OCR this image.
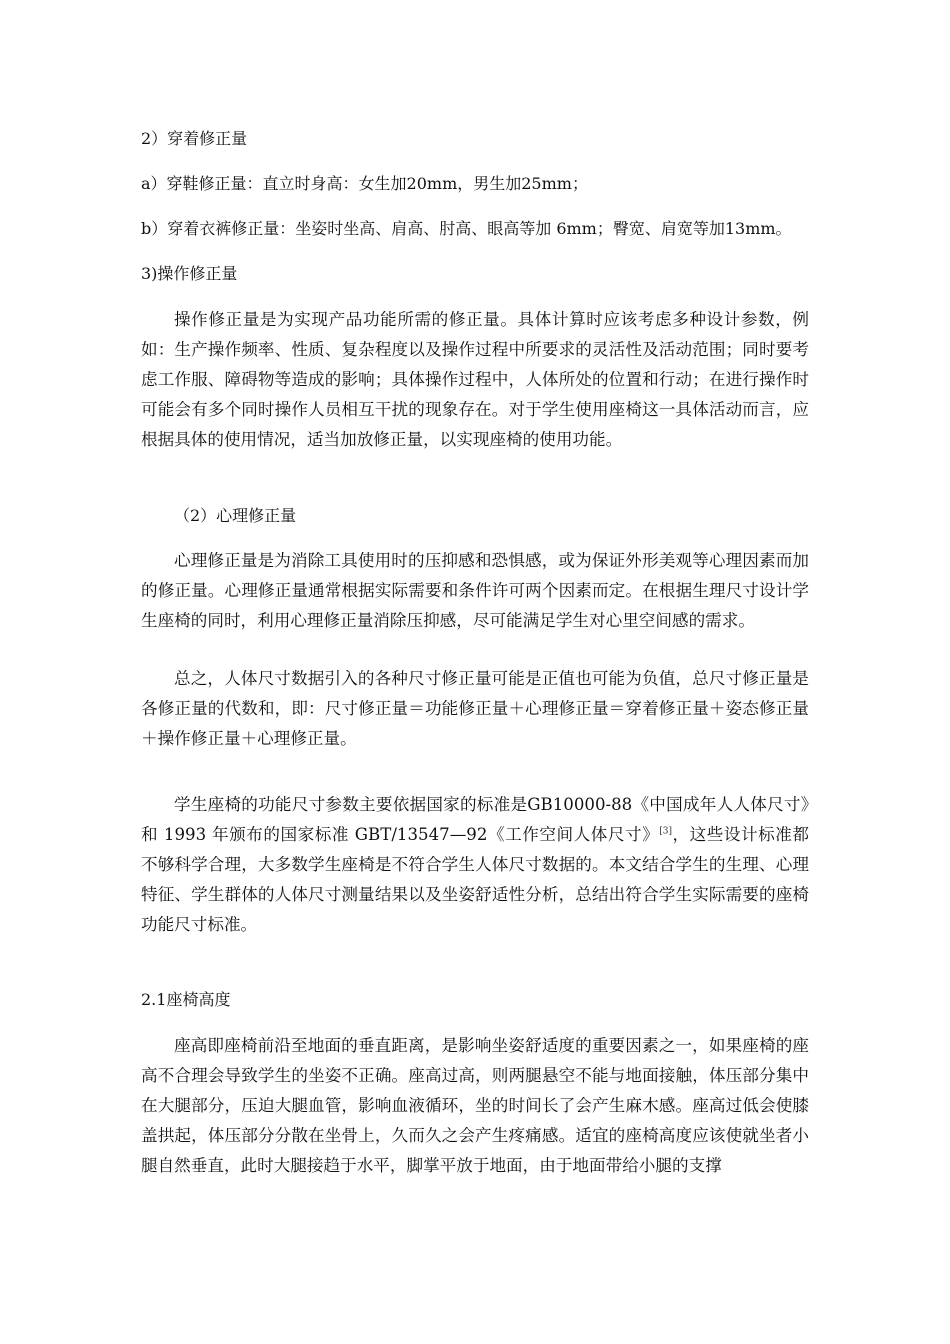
2）穿着修正量
a）穿鞋修正量：直立时身高：女生加20mm，男生加25mm；
b）穿着衣裤修正量：坐姿时坐高、肩高、肘高、眼高等加 6mm；臀宽、肩宽等加13mm。
3)操作修正量

操作修正量是为实现产品功能所需的修正量。具体计算时应该考虑多种设计参数，例如：生产操作频率、性质、复杂程度以及操作过程中所要求的灵活性及活动范围；同时要考虑工作服、障碍物等造成的影响；具体操作过程中，人体所处的位置和行动；在进行操作时可能会有多个同时操作人员相互干扰的现象存在。对于学生使用座椅这一具体活动而言，应根据具体的使用情况，适当加放修正量，以实现座椅的使用功能。

（2）心理修正量

心理修正量是为消除工具使用时的压抑感和恐惧感，或为保证外形美观等心理因素而加的修正量。心理修正量通常根据实际需要和条件许可两个因素而定。在根据生理尺寸设计学生座椅的同时，利用心理修正量消除压抑感，尽可能满足学生对心里空间感的需求。

总之，人体尺寸数据引入的各种尺寸修正量可能是正值也可能为负值，总尺寸修正量是各修正量的代数和，即：尺寸修正量＝功能修正量＋心理修正量＝穿着修正量＋姿态修正量＋操作修正量＋心理修正量。

学生座椅的功能尺寸参数主要依据国家的标准是GB10000-88《中国成年人人体尺寸》和 1993 年颁布的国家标准 GBT/13547—92《工作空间人体尺寸》[3]，这些设计标准都不够科学合理，大多数学生座椅是不符合学生人体尺寸数据的。本文结合学生的生理、心理特征、学生群体的人体尺寸测量结果以及坐姿舒适性分析，总结出符合学生实际需要的座椅功能尺寸标准。

2.1座椅高度

座高即座椅前沿至地面的垂直距离，是影响坐姿舒适度的重要因素之一，如果座椅的座高不合理会导致学生的坐姿不正确。座高过高，则两腿悬空不能与地面接触，体压部分集中在大腿部分，压迫大腿血管，影响血液循环，坐的时间长了会产生麻木感。座高过低会使膝盖拱起，体压部分分散在坐骨上，久而久之会产生疼痛感。适宜的座椅高度应该使就坐者小腿自然垂直，此时大腿接趋于水平，脚掌平放于地面，由于地面带给小腿的支撑
